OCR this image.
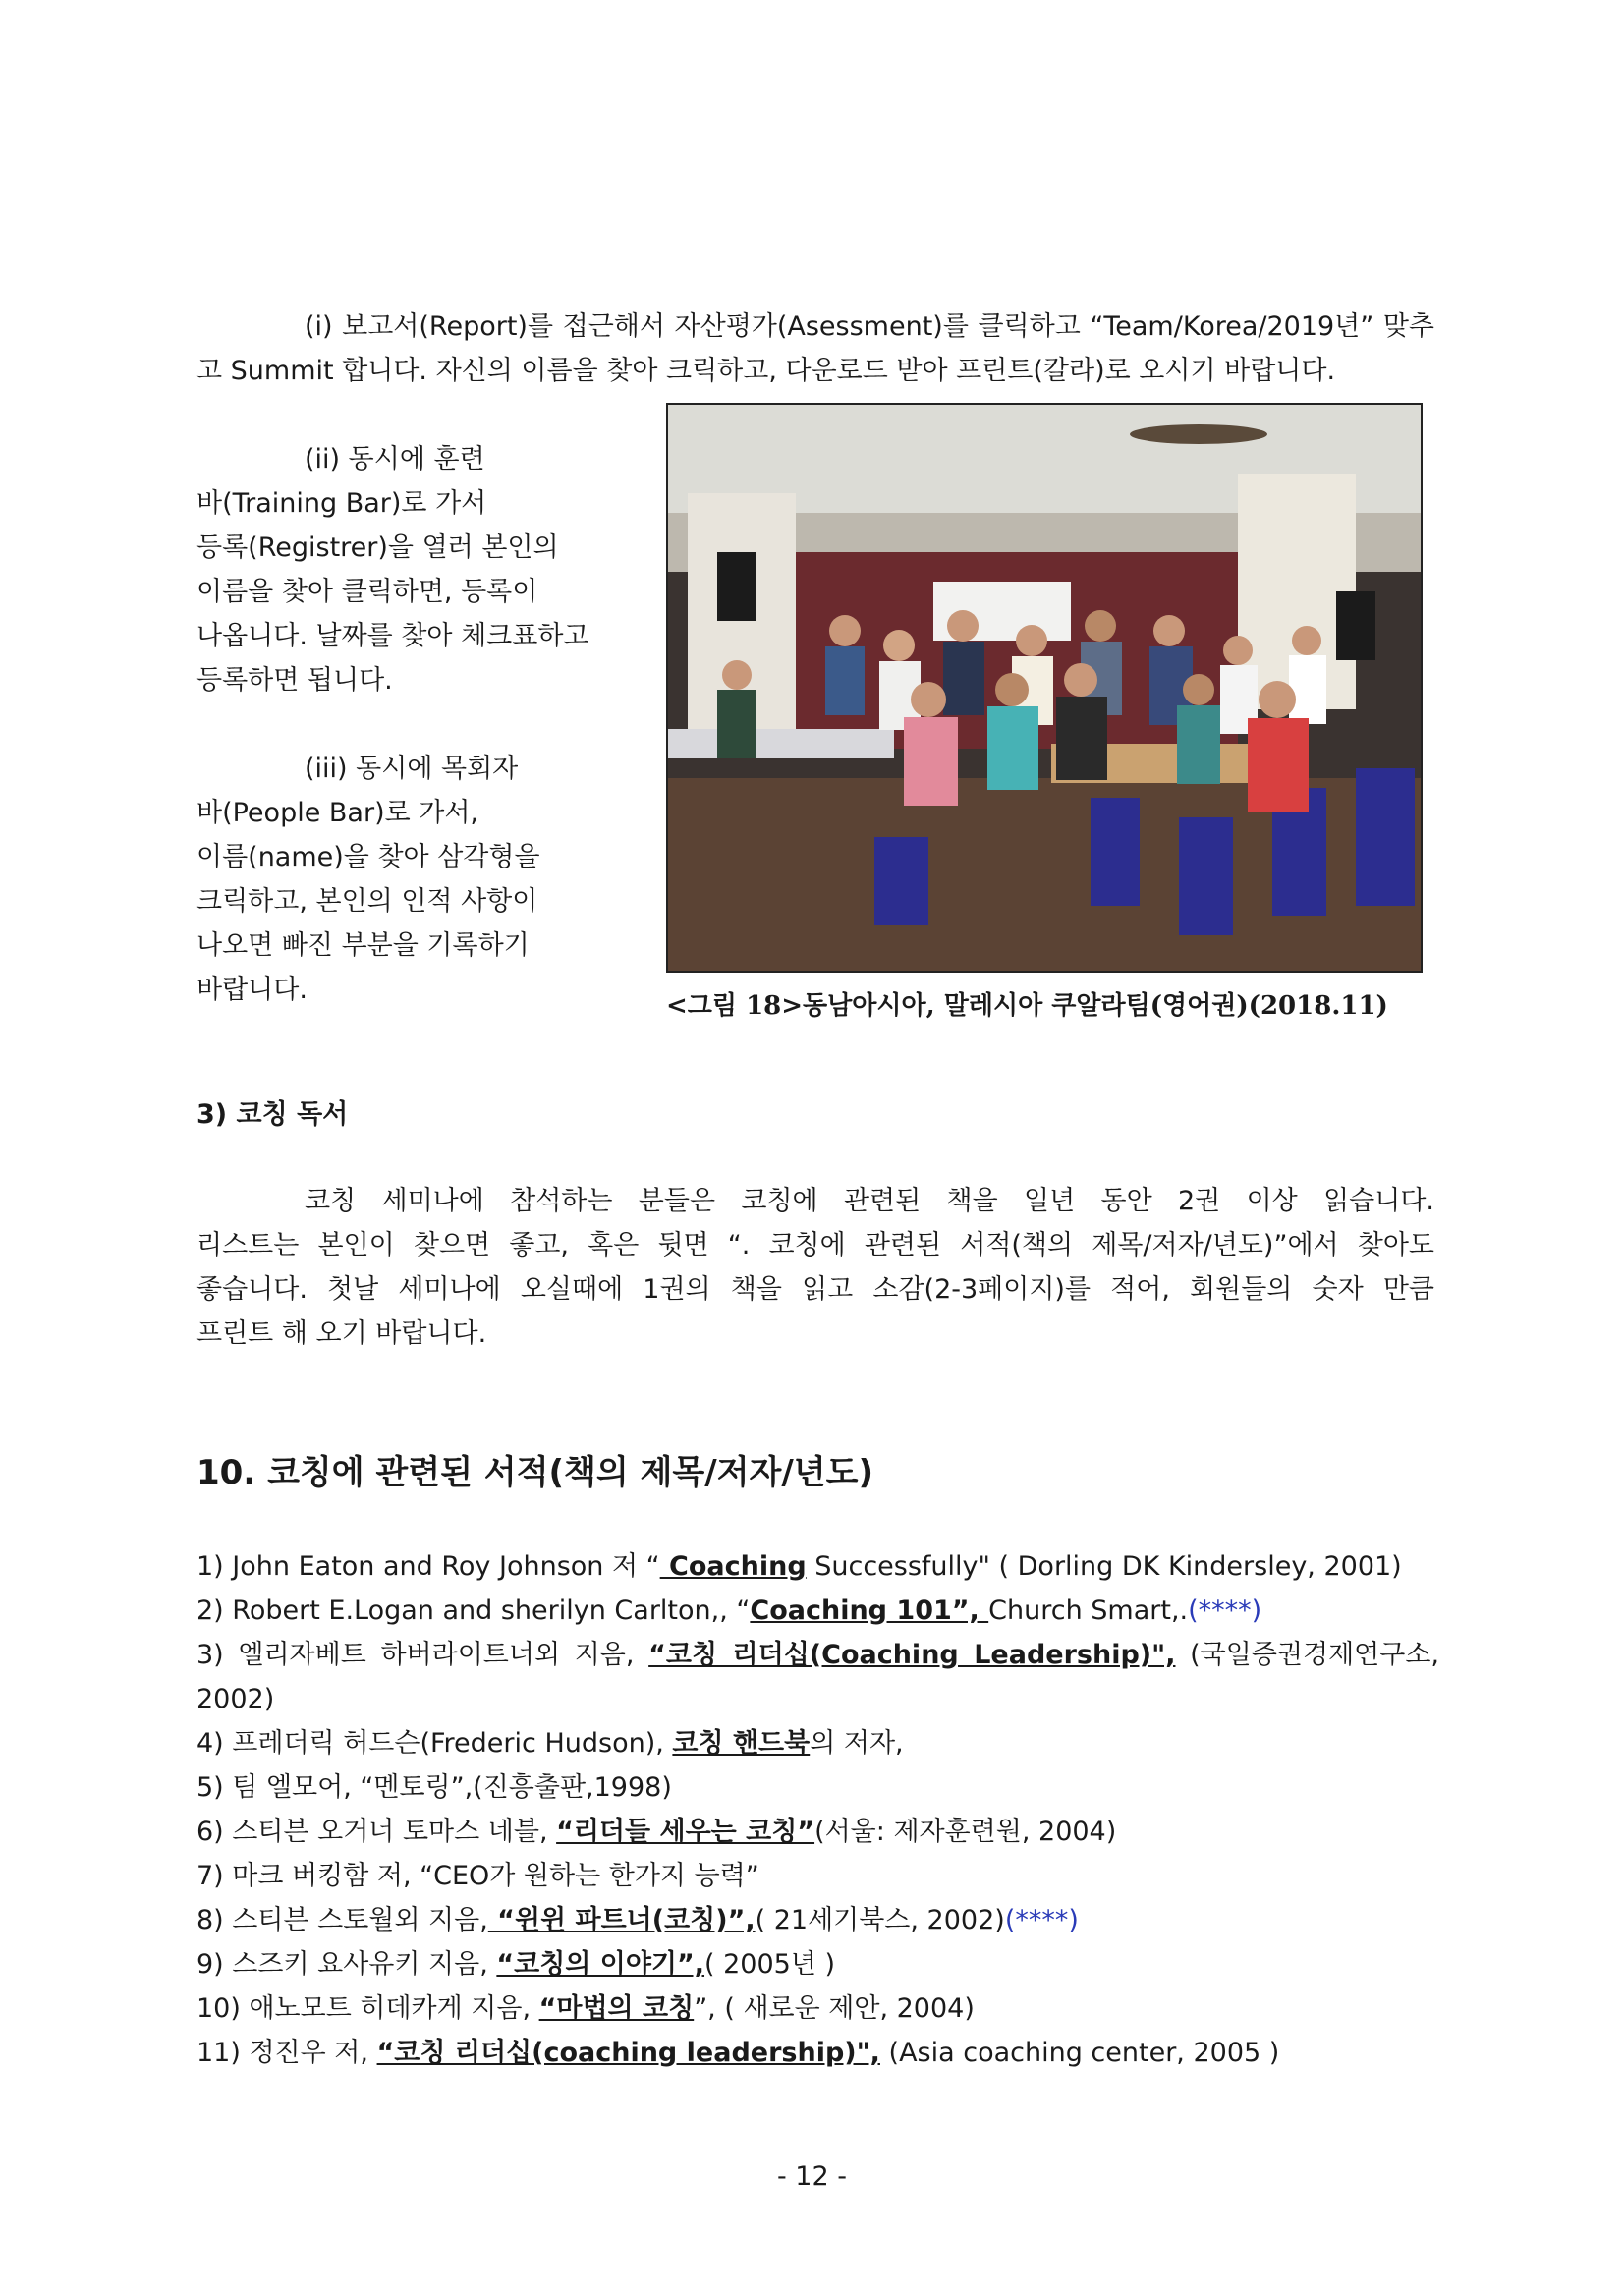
(i) 보고서(Report)를 접근해서 자산평가(Asessment)를 클릭하고 “Team/Korea/2019년” 맞추고 Summit 합니다. 자신의 이름을 찾아 크릭하고, 다운로드 받아 프린트(칼라)로 오시기 바랍니다.

(ii) 동시에 훈련

바(Training Bar)로 가서

등록(Registrer)을 열러 본인의

이름을 찾아 클릭하면, 등록이

나옵니다. 날짜를 찾아 체크표하고

등록하면 됩니다.

(iii) 동시에 목회자

바(People Bar)로 가서,

이름(name)을 찾아 삼각형을

크릭하고, 본인의 인적 사항이

나오면 빠진 부분을 기록하기

바랍니다.

<그림 18>동남아시아, 말레시아 쿠알라팀(영어권)(2018.11)
3) 코칭 독서

코칭 세미나에 참석하는 분들은 코칭에 관련된 책을 일년 동안 2권 이상 읽습니다.

리스트는 본인이 찾으면 좋고, 혹은 뒷면 “. 코칭에 관련된 서적(책의 제목/저자/년도)”에서 찾아도

좋습니다. 첫날 세미나에 오실때에 1권의 책을 읽고 소감(2-3페이지)를 적어, 회원들의 숫자 만큼

프린트 해 오기 바랍니다.

10. 코칭에 관련된 서적(책의 제목/저자/년도)
1) John Eaton and Roy Johnson 저 “ Coaching Successfully" ( Dorling DK Kindersley, 2001)
2) Robert E.Logan and sherilyn Carlton,, “Coaching 101”, Church Smart,.(****)
3) 엘리자베트 하버라이트너외 지음, “코칭 리더십(Coaching Leadership)", (국일증권경제연구소,
2002)
4) 프레더릭 허드슨(Frederic Hudson), 코칭 핸드북의 저자,
5) 팀 엘모어, “멘토링”,(진흥출판,1998)
6) 스티븐 오거너 토마스 네블, “리더들 세우는 코칭”(서울: 제자훈련원, 2004)
7) 마크 버킹함 저, “CEO가 원하는 한가지 능력”
8) 스티븐 스토월외 지음, “윈윈 파트너(코칭)”,( 21세기북스, 2002)(****)
9) 스즈키 요사유키 지음, “코칭의 이야기”,( 2005년 )
10) 애노모트 히데카게 지음, “마법의 코칭”, ( 새로운 제안, 2004)
11) 정진우 저, “코칭 리더십(coaching leadership)", (Asia coaching center, 2005 )
- 12 -
